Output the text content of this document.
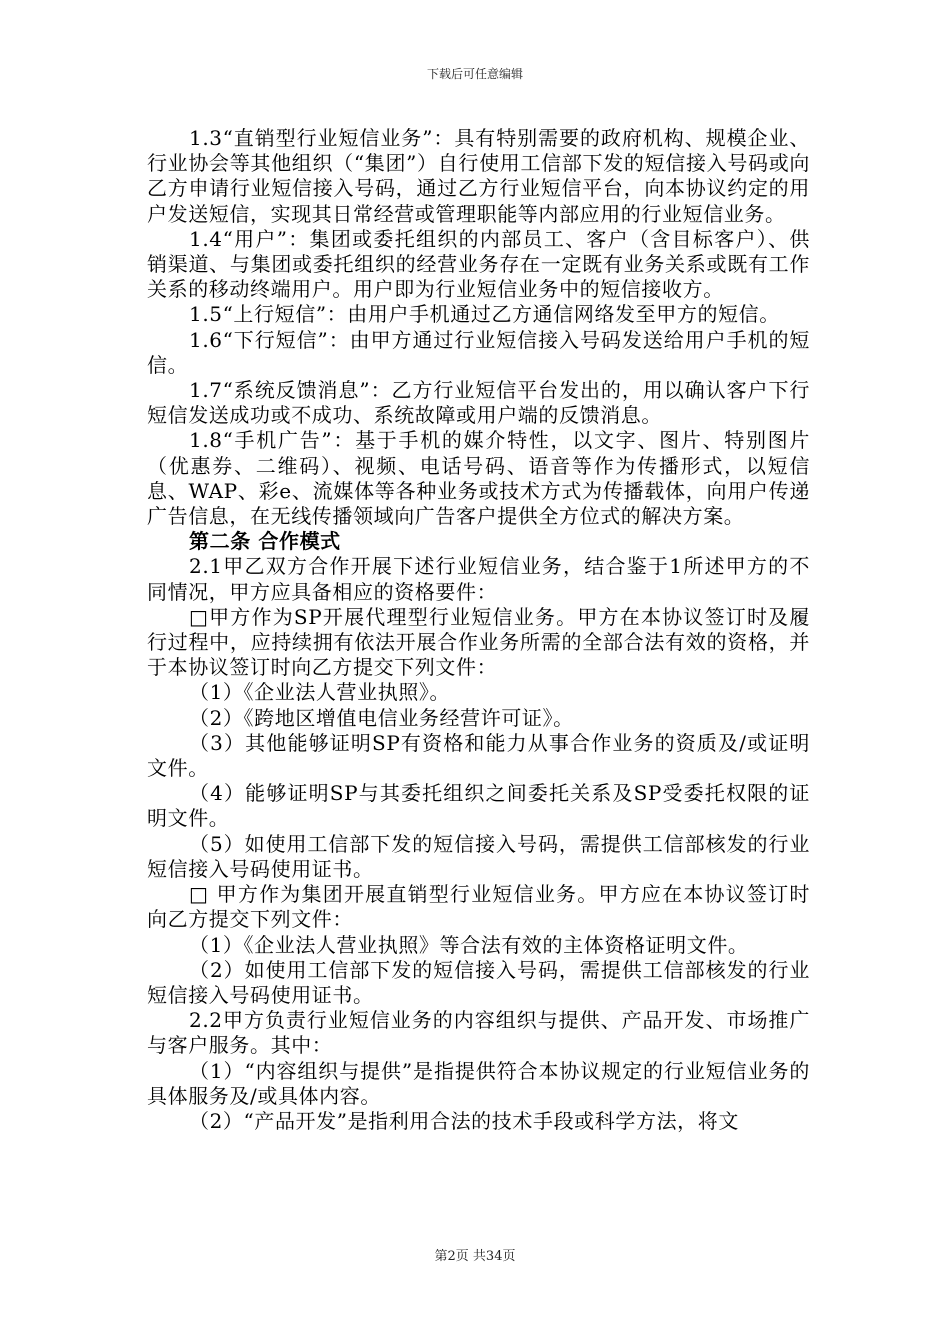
下载后可任意编辑

1.3“直销型行业短信业务”：具有特别需要的政府机构、规模企业、行业协会等其他组织（“集团”）自行使用工信部下发的短信接入号码或向乙方申请行业短信接入号码，通过乙方行业短信平台，向本协议约定的用户发送短信，实现其日常经营或管理职能等内部应用的行业短信业务。

1.4“用户”：集团或委托组织的内部员工、客户（含目标客户）、供销渠道、与集团或委托组织的经营业务存在一定既有业务关系或既有工作关系的移动终端用户。用户即为行业短信业务中的短信接收方。

1.5“上行短信”：由用户手机通过乙方通信网络发至甲方的短信。

1.6“下行短信”：由甲方通过行业短信接入号码发送给用户手机的短信。

1.7“系统反馈消息”：乙方行业短信平台发出的，用以确认客户下行短信发送成功或不成功、系统故障或用户端的反馈消息。

1.8“手机广告”：基于手机的媒介特性，以文字、图片、特别图片（优惠券、二维码）、视频、电话号码、语音等作为传播形式，以短信息、WAP、彩e、流媒体等各种业务或技术方式为传播载体，向用户传递广告信息，在无线传播领域向广告客户提供全方位式的解决方案。

第二条 合作模式

2.1甲乙双方合作开展下述行业短信业务，结合鉴于1所述甲方的不同情况，甲方应具备相应的资格要件：

□甲方作为SP开展代理型行业短信业务。甲方在本协议签订时及履行过程中，应持续拥有依法开展合作业务所需的全部合法有效的资格，并于本协议签订时向乙方提交下列文件：

（1）《企业法人营业执照》。

（2）《跨地区增值电信业务经营许可证》。

（3）其他能够证明SP有资格和能力从事合作业务的资质及/或证明文件。

（4）能够证明SP与其委托组织之间委托关系及SP受委托权限的证明文件。

（5）如使用工信部下发的短信接入号码，需提供工信部核发的行业短信接入号码使用证书。

□ 甲方作为集团开展直销型行业短信业务。甲方应在本协议签订时向乙方提交下列文件：

（1）《企业法人营业执照》等合法有效的主体资格证明文件。

（2）如使用工信部下发的短信接入号码，需提供工信部核发的行业短信接入号码使用证书。

2.2甲方负责行业短信业务的内容组织与提供、产品开发、市场推广与客户服务。其中：

（1）“内容组织与提供”是指提供符合本协议规定的行业短信业务的具体服务及/或具体内容。

（2）“产品开发”是指利用合法的技术手段或科学方法，将文

第2页 共34页
